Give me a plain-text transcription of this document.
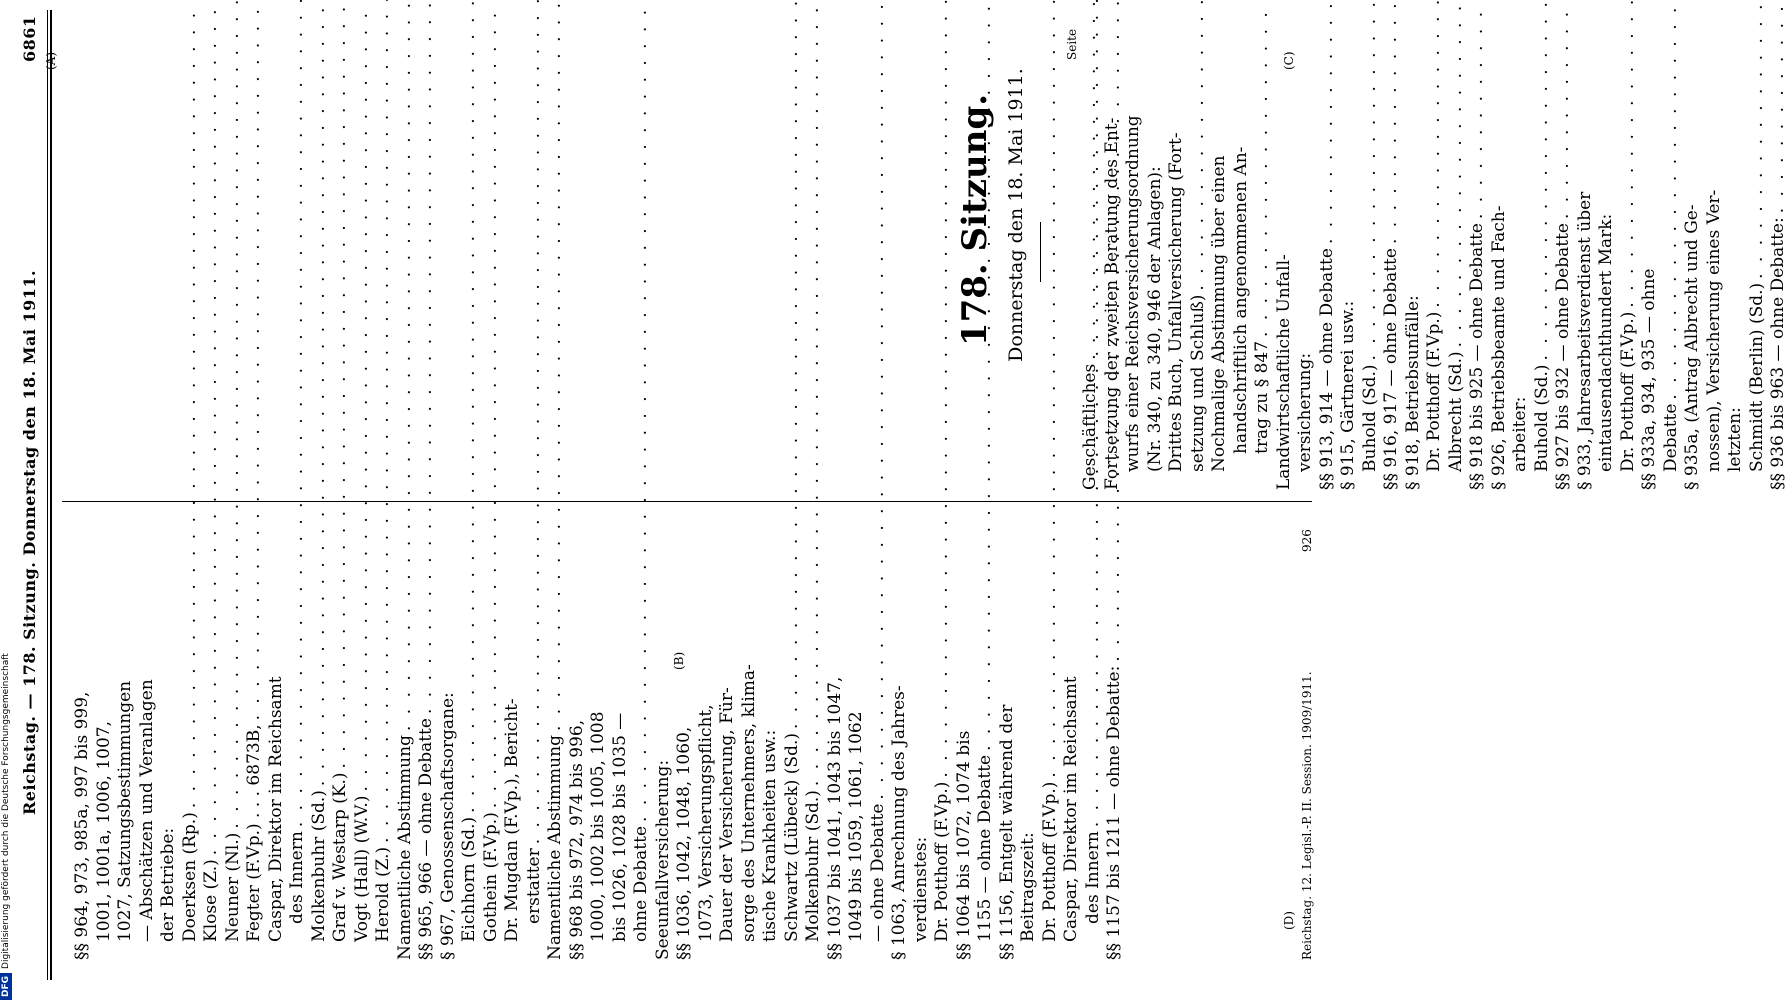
Reichstag. — 178. Sitzung. Donnerstag den 18. Mai 1911.
6861 (A)
(B)
(C)
(D)
178. Sitzung. Donnerstag den 18. Mai 1911.
Seite
Geschäftliches . . . Fortsetzung der zweiten Beratung des Ent- wurfs einer Reichsversicherungsordnung (Nr. 340, zu 340, 946 der Anlagen): Drittes Buch, Unfallversicherung (Fort- setzung und Schluß)
. . . Nochmalige Abstimmung über einen handschriftlich angenommenen An- trag zu § 847
. . . Landwirtschaftliche Unfall- versicherung: §§ 913, 914 — ohne Debatte
. . . § 915, Gärtnerei usw.: Buhold (Sd.)
. . . §§ 916, 917 — ohne Debatte
. . . § 918, Betriebsunfälle: Dr. Potthoff (F.Vp.)
. . . Albrecht (Sd.)
. . . §§ 918 bis 925 — ohne Debatte
. . . § 926, Betriebsbeamte und Fach- arbeiter: Buhold (Sd.)
. . . §§ 927 bis 932 — ohne Debatte
. . . § 933, Jahresarbeitsverdienst über eintausendachthundert Mark: Dr. Potthoff (F.Vp.)
. . . §§ 933a, 934, 935 — ohne Debatte . . . § 935a, (Antrag Albrecht und Ge- nossen), Versicherung eines Ver- letzten: Schmidt (Berlin) (Sd.)
. . . §§ 936 bis 963 — ohne Debatte:
. . .
§§ 964, 973, 985a, 997 bis 999, 1001, 1001a, 1006, 1007, 1027, Satzungsbestimmungen — Abschätzen und Veranlagen der Betriebe: Doerksen (Rp.)
. . . Klose (Z.)
. . . Neuner (Nl.)
. . . Fegter (F.Vp.) . . . 6873B,
. . . Caspar, Direktor im Reichsamt des Innern
. . . Molkenbuhr (Sd.)
. . . Graf v. Westarp (K.)
. . . Vogt (Hall) (W.V.)
. . . Herold (Z.)
. . . Namentliche Abstimmung
. . . §§ 965, 966 — ohne Debatte
. . . § 967, Genossenschaftsorgane: Eichhorn (Sd.)
. . . Gothein (F.Vp.)
. . . Dr. Mugdan (F.Vp.), Bericht- erstatter
. . . Namentliche Abstimmung
. . . §§ 968 bis 972, 974 bis 996, 1000, 1002 bis 1005, 1008 bis 1026, 1028 bis 1035 — ohne Debatte
. . . Seeunfallversicherung: §§ 1036, 1042, 1048, 1060, 1073, Versicherungspflicht, Dauer der Versicherung, Für- sorge des Unternehmers, klima- tische Krankheiten usw.: Schwartz (Lübeck) (Sd.)
. . . Molkenbuhr (Sd.)
. . . §§ 1037 bis 1041, 1043 bis 1047, 1049 bis 1059, 1061, 1062 — ohne Debatte
. . . § 1063, Anrechnung des Jahres- verdienstes: Dr. Potthoff (F.Vp.)
. . . §§ 1064 bis 1072, 1074 bis 1155 — ohne Debatte
. . . §§ 1156, Entgelt während der Beitragszeit: Dr. Potthoff (F.Vp.)
. . . Caspar, Direktor im Reichsamt des Innern . . . §§ 1157 bis 1211 — ohne Debatte:
. . .	Reichstag. 12. Legisl.-P. II. Session. 1909/1911.
926
DFGDigitalisierung gefördert durch die Deutsche Forschungsgemeinschaft
